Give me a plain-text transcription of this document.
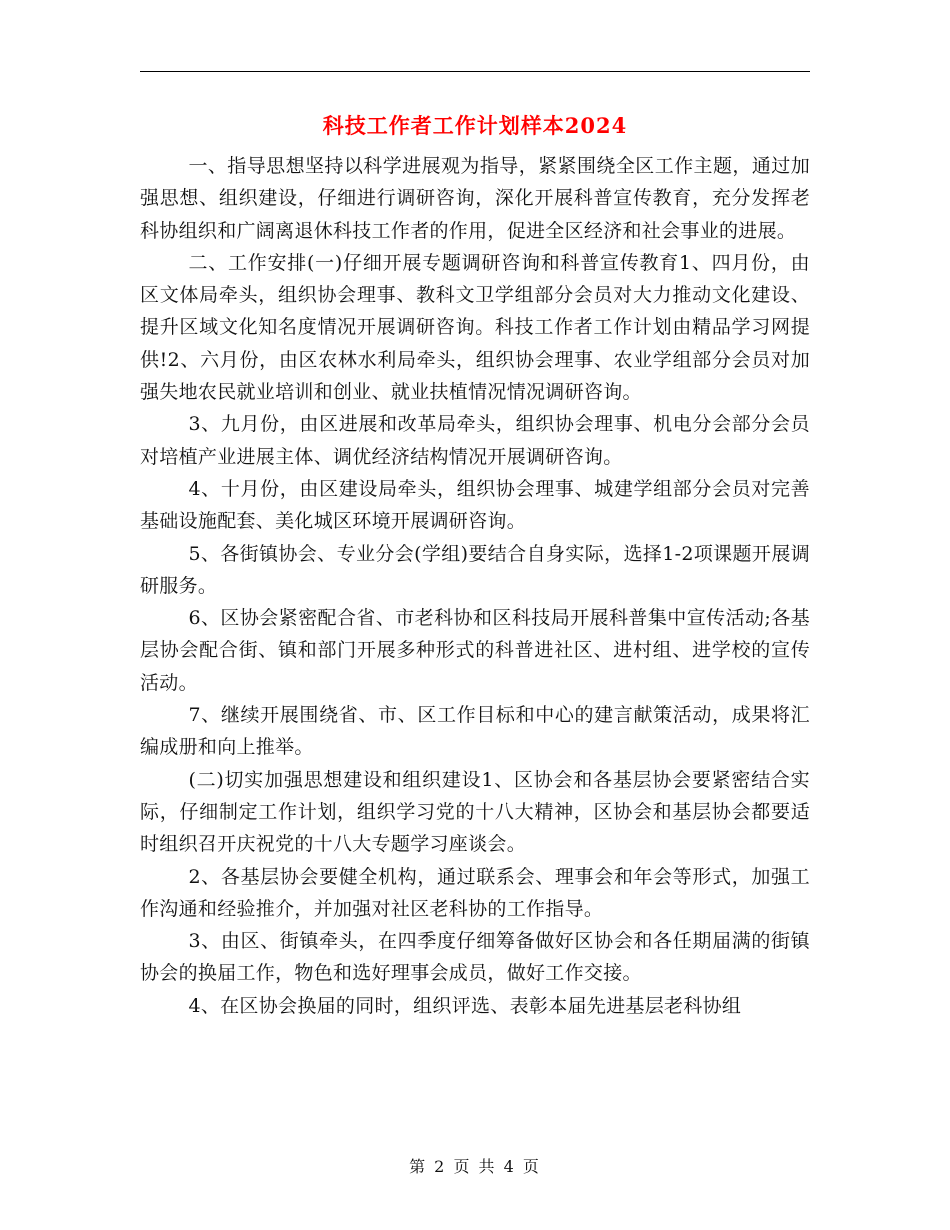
科技工作者工作计划样本2024

一、指导思想坚持以科学进展观为指导，紧紧围绕全区工作主题，通过加强思想、组织建设，仔细进行调研咨询，深化开展科普宣传教育，充分发挥老科协组织和广阔离退休科技工作者的作用，促进全区经济和社会事业的进展。

二、工作安排(一)仔细开展专题调研咨询和科普宣传教育1、四月份，由区文体局牵头，组织协会理事、教科文卫学组部分会员对大力推动文化建设、提升区域文化知名度情况开展调研咨询。科技工作者工作计划由精品学习网提供!2、六月份，由区农林水利局牵头，组织协会理事、农业学组部分会员对加强失地农民就业培训和创业、就业扶植情况情况调研咨询。

3、九月份，由区进展和改革局牵头，组织协会理事、机电分会部分会员对培植产业进展主体、调优经济结构情况开展调研咨询。

4、十月份，由区建设局牵头，组织协会理事、城建学组部分会员对完善基础设施配套、美化城区环境开展调研咨询。

5、各街镇协会、专业分会(学组)要结合自身实际，选择1-2项课题开展调研服务。

6、区协会紧密配合省、市老科协和区科技局开展科普集中宣传活动;各基层协会配合街、镇和部门开展多种形式的科普进社区、进村组、进学校的宣传活动。

7、继续开展围绕省、市、区工作目标和中心的建言献策活动，成果将汇编成册和向上推举。

(二)切实加强思想建设和组织建设1、区协会和各基层协会要紧密结合实际，仔细制定工作计划，组织学习党的十八大精神，区协会和基层协会都要适时组织召开庆祝党的十八大专题学习座谈会。

2、各基层协会要健全机构，通过联系会、理事会和年会等形式，加强工作沟通和经验推介，并加强对社区老科协的工作指导。

3、由区、街镇牵头，在四季度仔细筹备做好区协会和各任期届满的街镇协会的换届工作，物色和选好理事会成员，做好工作交接。

4、在区协会换届的同时，组织评选、表彰本届先进基层老科协组

第 2 页 共 4 页
